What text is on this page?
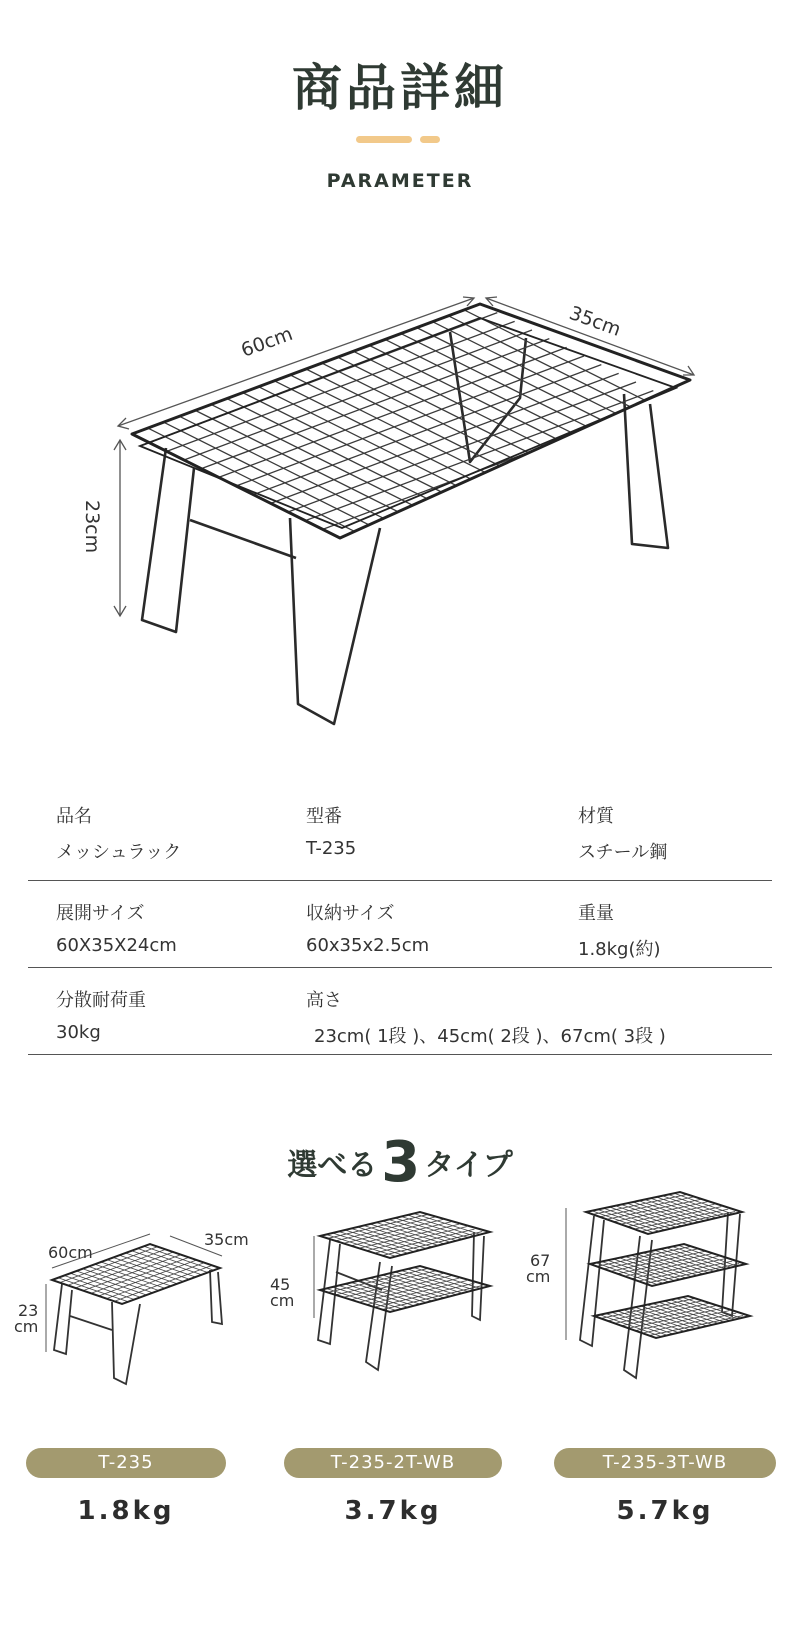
商品詳細
PARAMETER
60cm
35cm
23cm
品名
メッシュラック
型番
T-235
材質
スチール鋼
展開サイズ
60X35X24cm
収納サイズ
60x35x2.5cm
重量
1.8kg(約)
分散耐荷重
30kg
高さ
23cm( 1段 )、45cm( 2段 )、67cm( 3段 )
選べる3 タイプ
60cm
35cm
23
cm
45
cm
67
cm
T-235
1.8kg
T-235-2T-WB
3.7kg
T-235-3T-WB
5.7kg
